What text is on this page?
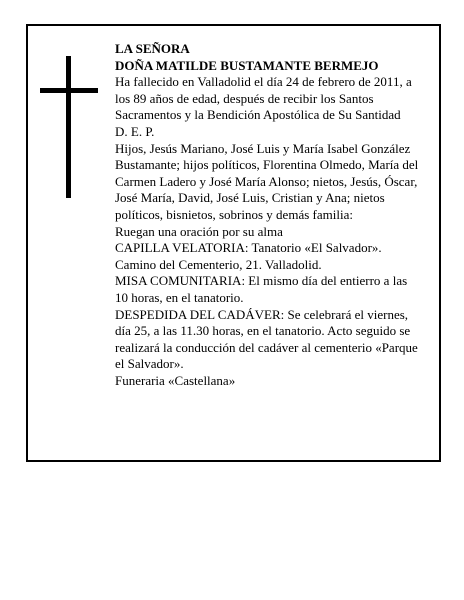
LA SEÑORA

DOÑA MATILDE BUSTAMANTE BERMEJO

Ha fallecido en Valladolid el día 24 de febrero de 2011, a los 89 años de edad, después de recibir los Santos Sacramentos y la Bendición Apostólica de Su Santidad

D. E. P.

Hijos, Jesús Mariano, José Luis y María Isabel González Bustamante; hijos políticos, Florentina Olmedo, María del Carmen Ladero y José María Alonso; nietos, Jesús, Óscar, José María, David, José Luis, Cristian y Ana; nietos políticos, bisnietos, sobrinos y demás familia:

Ruegan una oración por su alma

CAPILLA VELATORIA: Tanatorio «El Salvador». Camino del Cementerio, 21. Valladolid.

MISA COMUNITARIA: El mismo día del entierro a las 10 horas, en el tanatorio.

DESPEDIDA DEL CADÁVER: Se celebrará el viernes, día 25, a las 11.30 horas, en el tanatorio. Acto seguido se realizará la conducción del cadáver al cementerio «Parque el Salvador».

Funeraria «Castellana»
